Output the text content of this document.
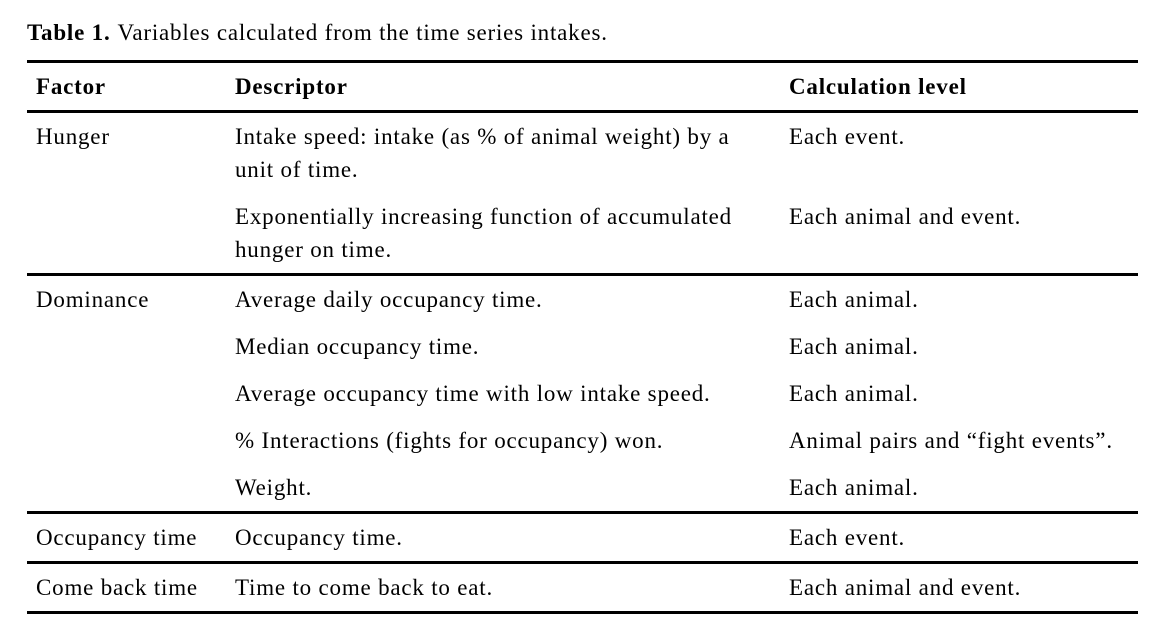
Table 1. Variables calculated from the time series intakes.

Factor	Descriptor	Calculation level
Hunger	Intake speed: intake (as % of animal weight) by a unit of time.	Each event.

	Exponentially increasing function of accumulated hunger on time.	Each animal and event.
Dominance	Average daily occupancy time.	Each animal.

	Median occupancy time.	Each animal.

	Average occupancy time with low intake speed.	Each animal.

	% Interactions (fights for occupancy) won.	Animal pairs and “fight events”.

	Weight.	Each animal.
Occupancy time	Occupancy time.	Each event.
Come back time	Time to come back to eat.	Each animal and event.
